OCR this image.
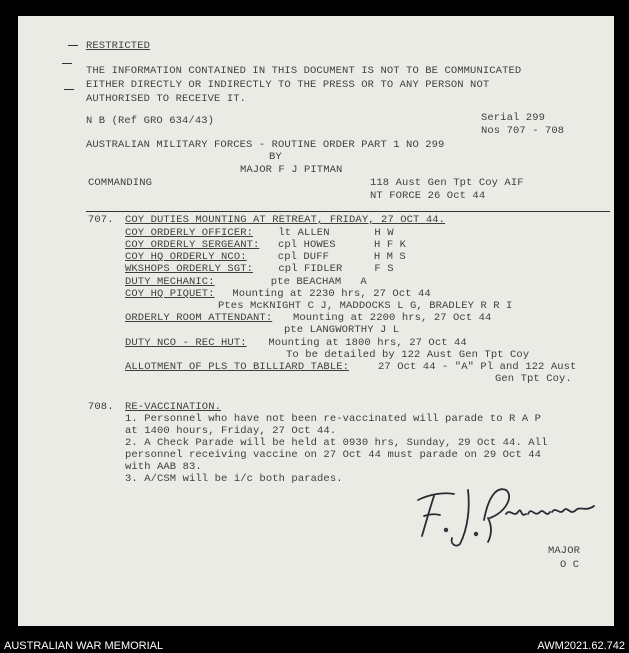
RESTRICTED
THE INFORMATION CONTAINED IN THIS DOCUMENT IS NOT TO BE COMMUNICATED
EITHER DIRECTLY OR INDIRECTLY TO THE PRESS OR TO ANY PERSON NOT
AUTHORISED TO RECEIVE IT.
N B (Ref GRO 634/43)	Serial 299
Nos 707 - 708
AUSTRALIAN MILITARY FORCES - ROUTINE ORDER PART 1 NO 299
BY
MAJOR F J PITMAN
COMMANDING	118 Aust Gen Tpt Coy AIF
NT FORCE 26 Oct 44
707. COY DUTIES MOUNTING AT RETREAT, FRIDAY, 27 OCT 44.
COY ORDERLY OFFICER: lt ALLEN       H W
COY ORDERLY SERGEANT: cpl HOWES      H F K
COY HQ ORDERLY NCO: cpl DUFF       H M S
WKSHOPS ORDERLY SGT: cpl FIDLER     F S
DUTY MECHANIC: pte BEACHAM   A
COY HQ PIQUET: Mounting at 2230 hrs, 27 Oct 44
Ptes McKNIGHT C J, MADDOCKS L G, BRADLEY R R I
ORDERLY ROOM ATTENDANT: Mounting at 2200 hrs, 27 Oct 44
pte LANGWORTHY J L
DUTY NCO - REC HUT: Mounting at 1800 hrs, 27 Oct 44
To be detailed by 122 Aust Gen Tpt Coy
ALLOTMENT OF PLS TO BILLIARD TABLE:	27 Oct 44 - "A" Pl and 122 Aust
Gen Tpt Coy.
708. RE-VACCINATION.
1. Personnel who have not been re-vaccinated will parade to R A P
at 1400 hours, Friday, 27 Oct 44.
2. A Check Parade will be held at 0930 hrs, Sunday, 29 Oct 44. All
personnel receiving vaccine on 27 Oct 44 must parade on 29 Oct 44
with AAB 83.
3. A/CSM will be i/c both parades.
MAJOR
O C
AUSTRALIAN WAR MEMORIAL	AWM2021.62.742
